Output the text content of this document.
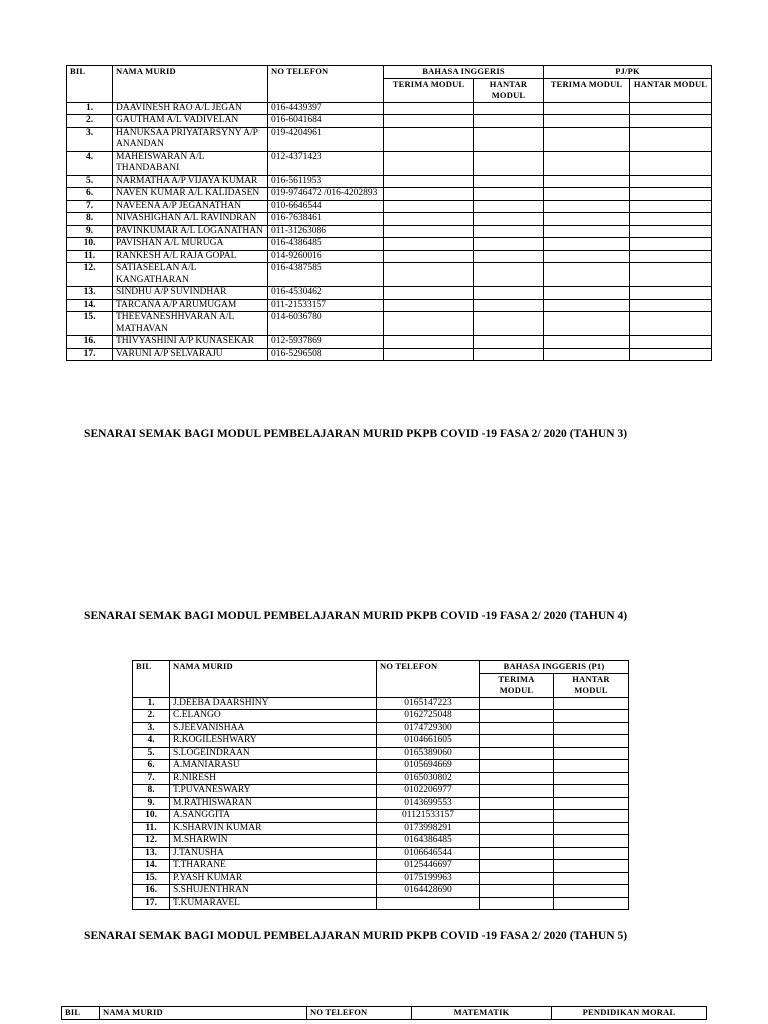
BIL	NAMA MURID	NO TELEFON	BAHASA INGGERIS		PJ/PK	
			TERIMA MODUL	HANTAR MODUL	TERIMA MODUL	HANTAR MODUL
1.	DAAVINESH RAO A/L JEGAN	016-4439397				
2.	GAUTHAM A/L VADIVELAN	016-6041684				
3.	HANUKSAA PRIYATARSYNY A/P ANANDAN	019-4204961				
4.	MAHEISWARAN A/L THANDABANI	012-4371423				
5.	NARMATHA A/P VIJAYA KUMAR	016-5611953				
6.	NAVEN KUMAR A/L KALIDASEN	019-9746472 /016-4202893				
7.	NAVEENA A/P JEGANATHAN	010-6646544				
8.	NIVASHIGHAN A/L RAVINDRAN	016-7638461				
9.	PAVINKUMAR A/L LOGANATHAN	011-31263086				
10.	PAVISHAN A/L MURUGA	016-4386485				
11.	RANKESH A/L RAJA GOPAL	014-9260016				
12.	SATIASEELAN A/L KANGATHARAN	016-4387585				
13.	SINDHU A/P SUVINDHAR	016-4530462				
14.	TARCANA A/P ARUMUGAM	011-21533157				
15.	THEEVANESHHVARAN A/L MATHAVAN	014-6036780				
16.	THIVYASHINI A/P KUNASEKAR	012-5937869				
17.	VARUNI A/P SELVARAJU	016-5296508				
SENARAI SEMAK BAGI MODUL PEMBELAJARAN MURID PKPB COVID -19 FASA 2/ 2020 (TAHUN 3)
SENARAI SEMAK BAGI MODUL PEMBELAJARAN MURID PKPB COVID -19 FASA 2/ 2020 (TAHUN 4)
BIL	NAMA MURID	NO TELEFON	BAHASA INGGERIS (P1)	
			TERIMA MODUL	HANTAR MODUL
1.	J.DEEBA DAARSHINY	0165147223		
2.	C.ELANGO	0162725048		
3.	S.JEEVANISHAA	0174729300		
4.	R.KOGILESHWARY	0104661605		
5.	S.LOGEINDRAAN	0165389060		
6.	A.MANIARASU	0105694669		
7.	R.NIRESH	0165030802		
8.	T.PUVANESWARY	0102206977		
9.	M.RATHISWARAN	0143699553		
10.	A.SANGGITA	01121533157		
11.	K.SHARVIN KUMAR	0173998291		
12.	M.SHARWIN	0164386485		
13.	J.TANUSHA	0106646544		
14.	T.THARANE	0125446697		
15.	P.YASH KUMAR	0175199963		
16.	S.SHUJENTHRAN	0164428690		
17.	T.KUMARAVEL			
SENARAI SEMAK BAGI MODUL PEMBELAJARAN MURID PKPB COVID -19 FASA 2/ 2020 (TAHUN 5)
BIL	NAMA MURID	NO TELEFON	MATEMATIK	PENDIDIKAN MORAL
